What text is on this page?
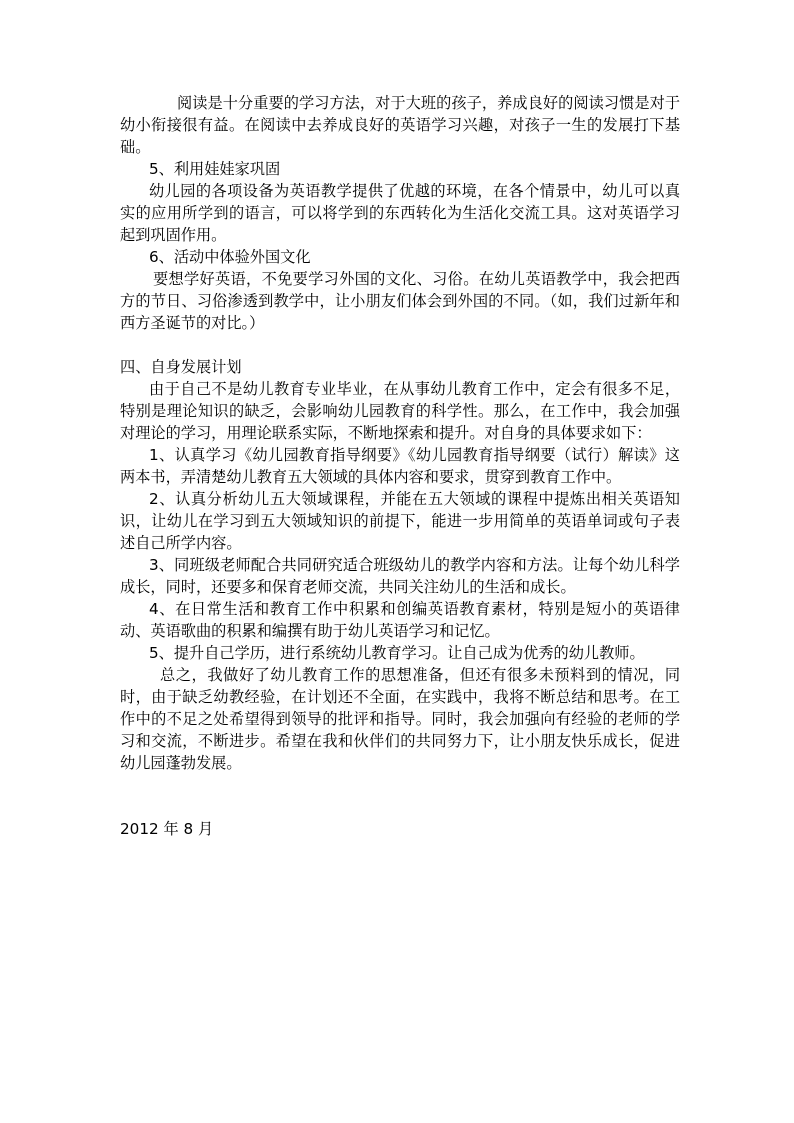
阅读是十分重要的学习方法，对于大班的孩子，养成良好的阅读习惯是对于幼小衔接很有益。在阅读中去养成良好的英语学习兴趣，对孩子一生的发展打下基础。

5、利用娃娃家巩固

幼儿园的各项设备为英语教学提供了优越的环境，在各个情景中，幼儿可以真实的应用所学到的语言，可以将学到的东西转化为生活化交流工具。这对英语学习起到巩固作用。

6、活动中体验外国文化

要想学好英语，不免要学习外国的文化、习俗。在幼儿英语教学中，我会把西方的节日、习俗渗透到教学中，让小朋友们体会到外国的不同。（如，我们过新年和西方圣诞节的对比。）

四、自身发展计划

由于自己不是幼儿教育专业毕业，在从事幼儿教育工作中，定会有很多不足，特别是理论知识的缺乏，会影响幼儿园教育的科学性。那么，在工作中，我会加强对理论的学习，用理论联系实际，不断地探索和提升。对自身的具体要求如下：

1、认真学习《幼儿园教育指导纲要》《幼儿园教育指导纲要（试行）解读》这两本书，弄清楚幼儿教育五大领域的具体内容和要求，贯穿到教育工作中。

2、认真分析幼儿五大领域课程，并能在五大领域的课程中提炼出相关英语知识，让幼儿在学习到五大领域知识的前提下，能进一步用简单的英语单词或句子表述自己所学内容。

3、同班级老师配合共同研究适合班级幼儿的教学内容和方法。让每个幼儿科学成长，同时，还要多和保育老师交流，共同关注幼儿的生活和成长。

4、在日常生活和教育工作中积累和创编英语教育素材，特别是短小的英语律动、英语歌曲的积累和编撰有助于幼儿英语学习和记忆。

5、提升自己学历，进行系统幼儿教育学习。让自己成为优秀的幼儿教师。

总之，我做好了幼儿教育工作的思想准备，但还有很多未预料到的情况，同时，由于缺乏幼教经验，在计划还不全面，在实践中，我将不断总结和思考。在工作中的不足之处希望得到领导的批评和指导。同时，我会加强向有经验的老师的学习和交流，不断进步。希望在我和伙伴们的共同努力下，让小朋友快乐成长，促进幼儿园蓬勃发展。

2012 年 8 月
